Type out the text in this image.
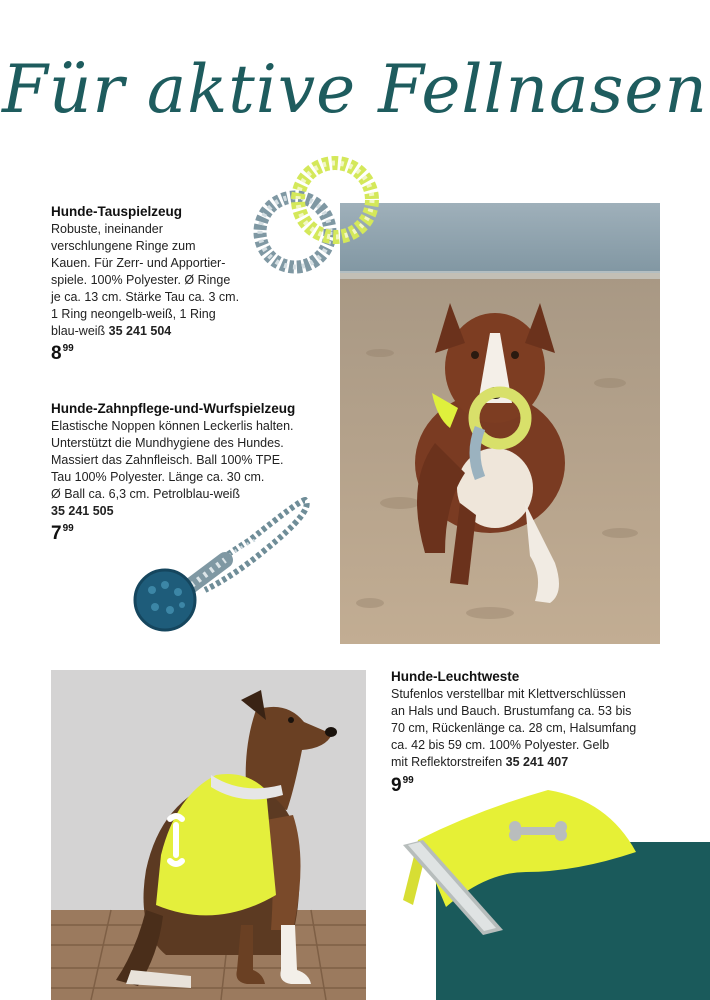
Für aktive Fellnasen
Hunde-Tauspielzeug
Robuste, ineinander
verschlungene Ringe zum
Kauen. Für Zerr- und Apportier-
spiele. 100% Polyester. Ø Ringe
je ca. 13 cm. Stärke Tau ca. 3 cm.
1 Ring neongelb-weiß, 1 Ring
blau-weiß 35 241 504
$8^{99}$
Hunde-Zahnpflege-und-Wurfspielzeug
Elastische Noppen können Leckerlis halten.
Unterstützt die Mundhygiene des Hundes.
Massiert das Zahnfleisch. Ball 100% TPE.
Tau 100% Polyester. Länge ca. 30 cm.
Ø Ball ca. 6,3 cm. Petrolblau-weiß
35 241 505
$7^{99}$
Hunde-Leuchtweste
Stufenlos verstellbar mit Klettverschlüssen
an Hals und Bauch. Brustumfang ca. 53 bis
70 cm, Rückenlänge ca. 28 cm, Halsumfang
ca. 42 bis 59 cm. 100% Polyester. Gelb
mit Reflektorstreifen 35 241 407
$9^{99}$
